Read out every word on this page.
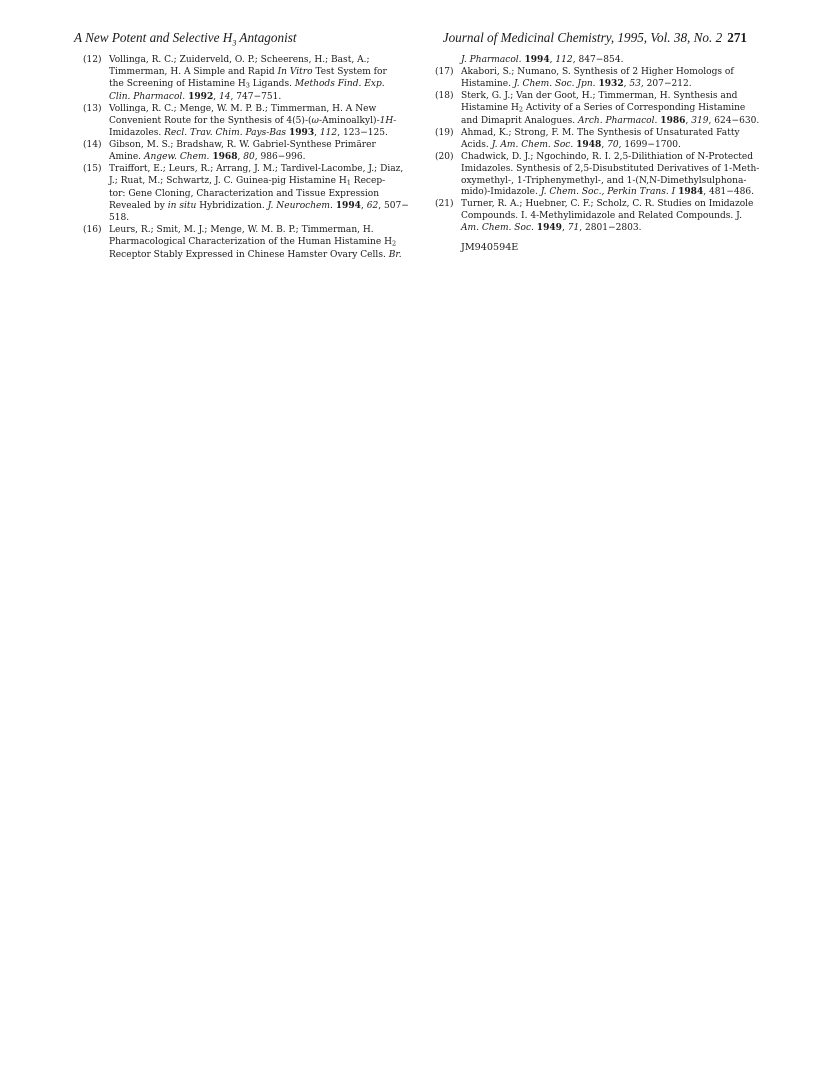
A New Potent and Selective $H_3$ Antagonist	Journal of Medicinal Chemistry, 1995, Vol. 38, No. 2 271
(12) Vollinga, R. C.; Zuiderveld, O. P.; Scheerens, H.; Bast, A.;
Timmerman, H. A Simple and Rapid In Vitro Test System for
the Screening of Histamine $H_3$ Ligands. Methods Find. Exp.
Clin. Pharmacol. 1992, 14, 747−751.
(13) Vollinga, R. C.; Menge, W. M. P. B.; Timmerman, H. A New
Convenient Route for the Synthesis of 4(5)-(ω-Aminoalkyl)-1H-
Imidazoles. Recl. Trav. Chim. Pays-Bas 1993, 112, 123−125.
(14) Gibson, M. S.; Bradshaw, R. W. Gabriel-Synthese Primärer
Amine. Angew. Chem. 1968, 80, 986−996.
(15) Traiffort, E.; Leurs, R.; Arrang, J. M.; Tardivel-Lacombe, J.; Diaz,
J.; Ruat, M.; Schwartz, J. C. Guinea-pig Histamine $H_1$ Recep-
tor: Gene Cloning, Characterization and Tissue Expression
Revealed by in situ Hybridization. J. Neurochem. 1994, 62, 507−
518.
(16) Leurs, R.; Smit, M. J.; Menge, W. M. B. P.; Timmerman, H.
Pharmacological Characterization of the Human Histamine $H_2$
Receptor Stably Expressed in Chinese Hamster Ovary Cells. Br.
J. Pharmacol. 1994, 112, 847−854.
(17) Akabori, S.; Numano, S. Synthesis of 2 Higher Homologs of
Histamine. J. Chem. Soc. Jpn. 1932, 53, 207−212.
(18) Sterk, G. J.; Van der Goot, H.; Timmerman, H. Synthesis and
Histamine $H_2$ Activity of a Series of Corresponding Histamine
and Dimaprit Analogues. Arch. Pharmacol. 1986, 319, 624−630.
(19) Ahmad, K.; Strong, F. M. The Synthesis of Unsaturated Fatty
Acids. J. Am. Chem. Soc. 1948, 70, 1699−1700.
(20) Chadwick, D. J.; Ngochindo, R. I. 2,5-Dilithiation of N-Protected
Imidazoles. Synthesis of 2,5-Disubstituted Derivatives of 1-Meth-
oxymethyl-, 1-Triphenymethyl-, and 1-(N,N-Dimethylsulphona-
mido)-Imidazole. J. Chem. Soc., Perkin Trans. I 1984, 481−486.
(21) Turner, R. A.; Huebner, C. F.; Scholz, C. R. Studies on Imidazole
Compounds. I. 4-Methylimidazole and Related Compounds. J.
Am. Chem. Soc. 1949, 71, 2801−2803.
JM940594E
